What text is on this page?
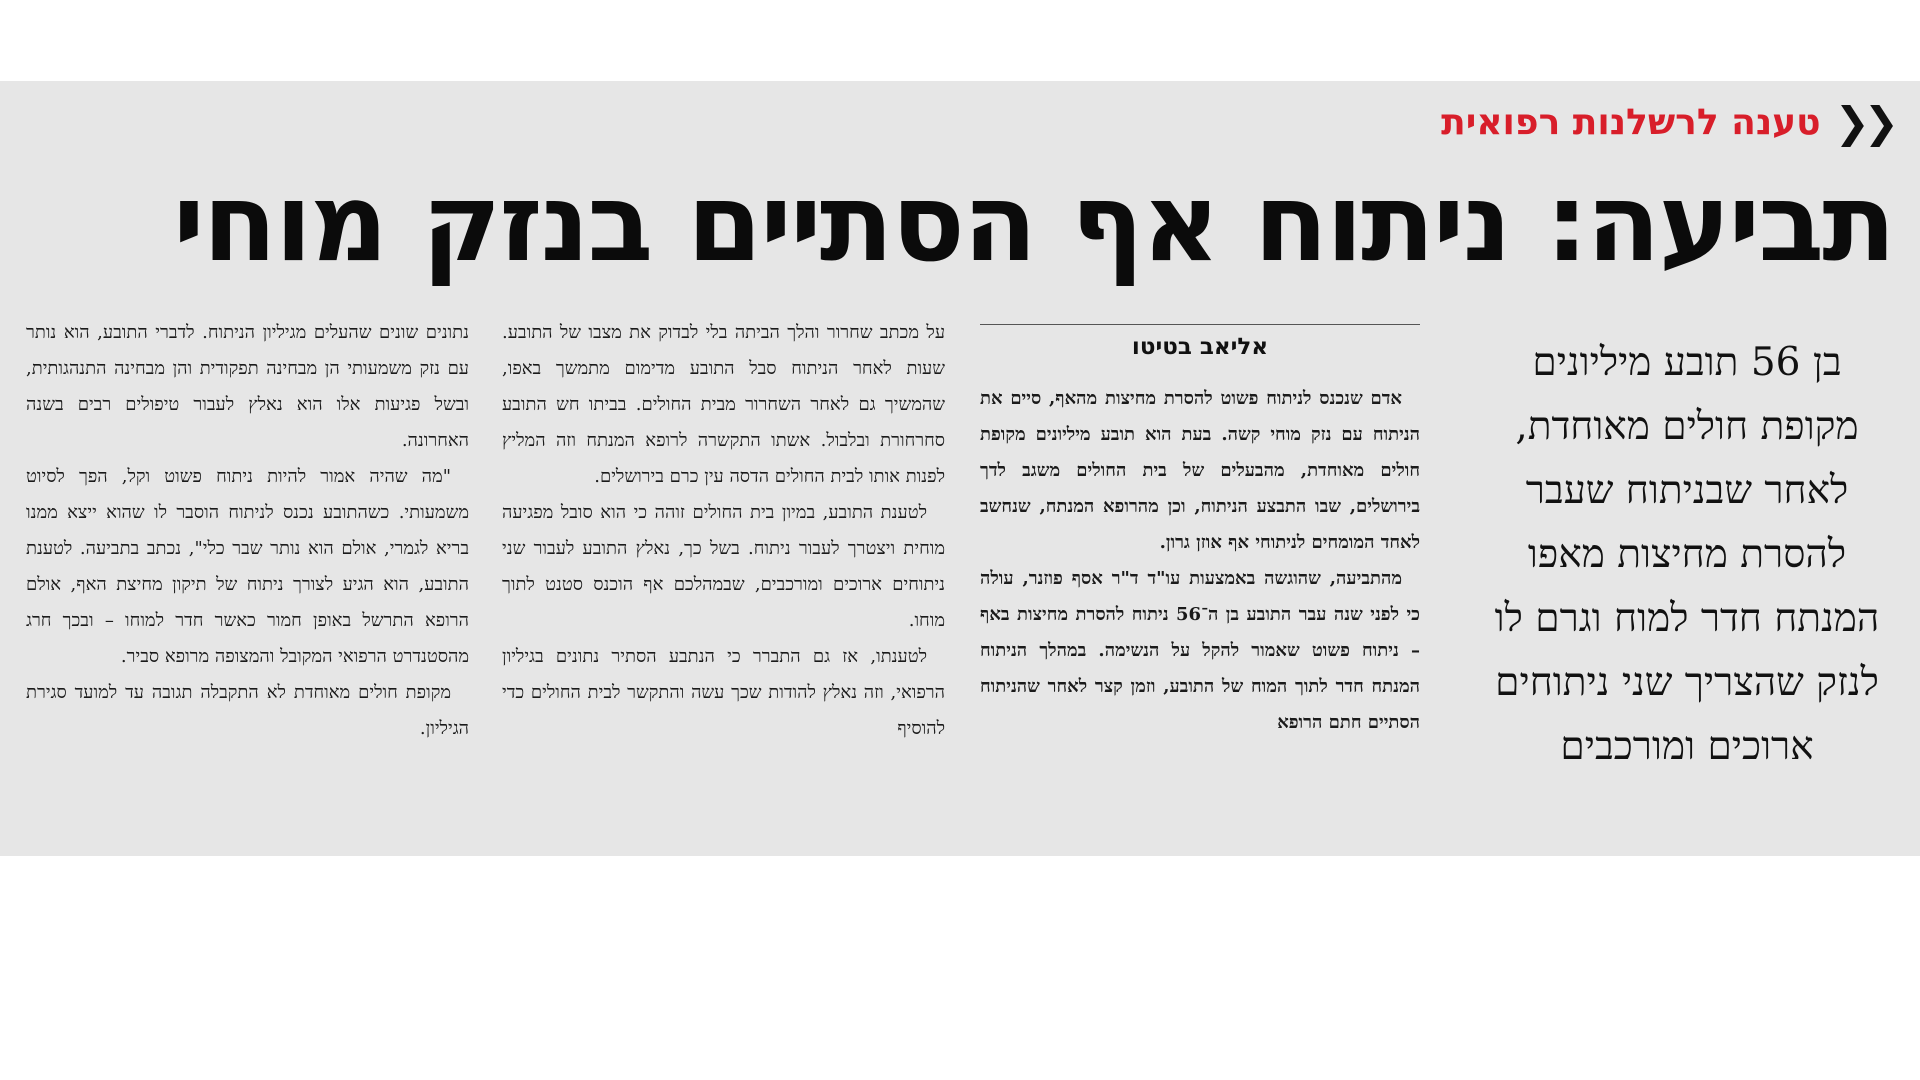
❮❮
טענה לרשלנות רפואית
תביעה: ניתוח אף הסתיים בנזק מוחי

בן 56 תובע מיליונים מקופת חולים מאוחדת, לאחר שבניתוח שעבר להסרת מחיצות מאפו המנתח חדר למוח וגרם לו לנזק שהצריך שני ניתוחים ארוכים ומורכבים

אליאב בטיטו

אדם שנכנס לניתוח פשוט להסרת מחיצות מהאף, סיים את הניתוח עם נזק מוחי קשה. בעת הוא תובע מיליונים מקופת חולים מאוחדת, מהבעלים של בית החולים משגב לדך בירושלים, שבו התבצע הניתוח, וכן מהרופא המנתח, שנחשב לאחד המומחים לניתוחי אף אוזן גרון.

מהתביעה, שהוגשה באמצעות עו"ד ד"ר אסף פוזנר, עולה כי לפני שנה עבר התובע בן ה־56 ניתוח להסרת מחיצות באף – ניתוח פשוט שאמור להקל על הנשימה. במהלך הניתוח המנתח חדר לתוך המוח של התובע, וזמן קצר לאחר שהניתוח הסתיים חתם הרופא

על מכתב שחרור והלך הביתה בלי לבדוק את מצבו של התובע. שעות לאחר הניתוח סבל התובע מדימום מתמשך באפו, שהמשיך גם לאחר השחרור מבית החולים. בביתו חש התובע סחרחורת ובלבול. אשתו התקשרה לרופא המנתח וזה המליץ לפנות אותו לבית החולים הדסה עין כרם בירושלים.

לטענת התובע, במיון בית החולים זוהה כי הוא סובל מפגיעה מוחית ויצטרך לעבור ניתוח. בשל כך, נאלץ התובע לעבור שני ניתוחים ארוכים ומורכבים, שבמהלכם אף הוכנס סטנט לתוך מוחו.

לטענתו, אז גם התברר כי הנתבע הסתיר נתונים בגיליון הרפואי, וזה נאלץ להודות שכך עשה והתקשר לבית החולים כדי להוסיף

נתונים שונים שהעלים מגיליון הניתוח. לדברי התובע, הוא נותר עם נזק משמעותי הן מבחינה תפקודית והן מבחינה התנהגותית, ובשל פגיעות אלו הוא נאלץ לעבור טיפולים רבים בשנה האחרונה.

"מה שהיה אמור להיות ניתוח פשוט וקל, הפך לסיוט משמעותי. כשהתובע נכנס לניתוח הוסבר לו שהוא ייצא ממנו בריא לגמרי, אולם הוא נותר שבר כלי", נכתב בתביעה. לטענת התובע, הוא הגיע לצורך ניתוח של תיקון מחיצת האף, אולם הרופא התרשל באופן חמור כאשר חדר למוחו – ובכך חרג מהסטנדרט הרפואי המקובל והמצופה מרופא סביר.

מקופת חולים מאוחדת לא התקבלה תגובה עד למועד סגירת הגיליון.
